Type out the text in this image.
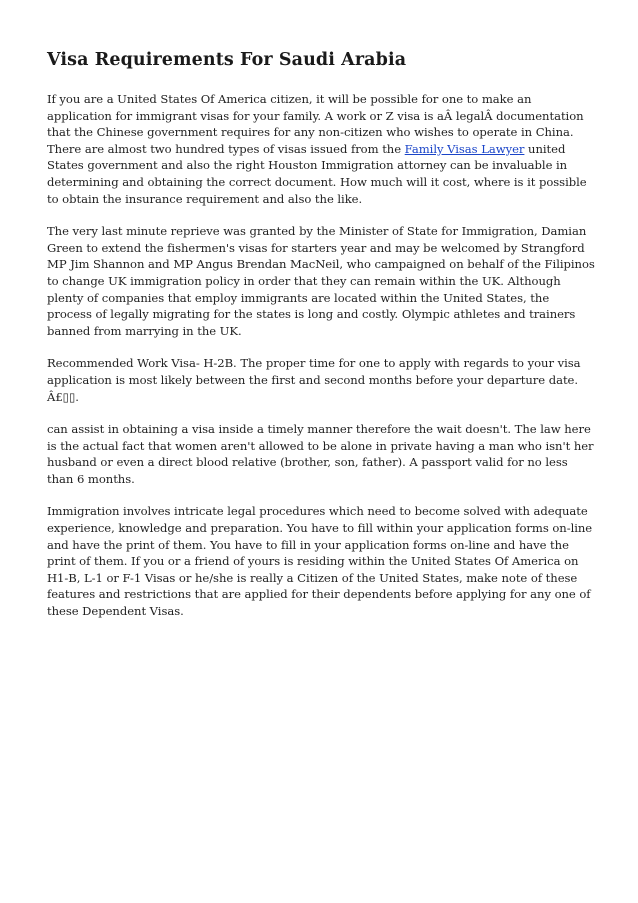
Visa Requirements For Saudi Arabia

If you are a United States Of America citizen, it will be possible for one to make an application for immigrant visas for your family. A work or Z visa is aÂ legalÂ documentation that the Chinese government requires for any non-citizen who wishes to operate in China. There are almost two hundred types of visas issued from the Family Visas Lawyer united States government and also the right Houston Immigration attorney can be invaluable in determining and obtaining the correct document. How much will it cost, where is it possible to obtain the insurance requirement and also the like.

The very last minute reprieve was granted by the Minister of State for Immigration, Damian Green to extend the fishermen's visas for starters year and may be welcomed by Strangford MP Jim Shannon and MP Angus Brendan MacNeil, who campaigned on behalf of the Filipinos to change UK immigration policy in order that they can remain within the UK. Although plenty of companies that employ immigrants are located within the United States, the process of legally migrating for the states is long and costly. Olympic athletes and trainers banned from marrying in the UK.

Recommended Work Visa- H-2B. The proper time for one to apply with regards to your visa application is most likely between the first and second months before your departure date. Â£▯▯.

can assist in obtaining a visa inside a timely manner therefore the wait doesn't. The law here is the actual fact that women aren't allowed to be alone in private having a man who isn't her husband or even a direct blood relative (brother, son, father). A passport valid for no less than 6 months.

Immigration involves intricate legal procedures which need to become solved with adequate experience, knowledge and preparation. You have to fill within your application forms on-line and have the print of them. You have to fill in your application forms on-line and have the print of them. If you or a friend of yours is residing within the United States Of America on H1-B, L-1 or F-1 Visas or he/she is really a Citizen of the United States, make note of these features and restrictions that are applied for their dependents before applying for any one of these Dependent Visas.
